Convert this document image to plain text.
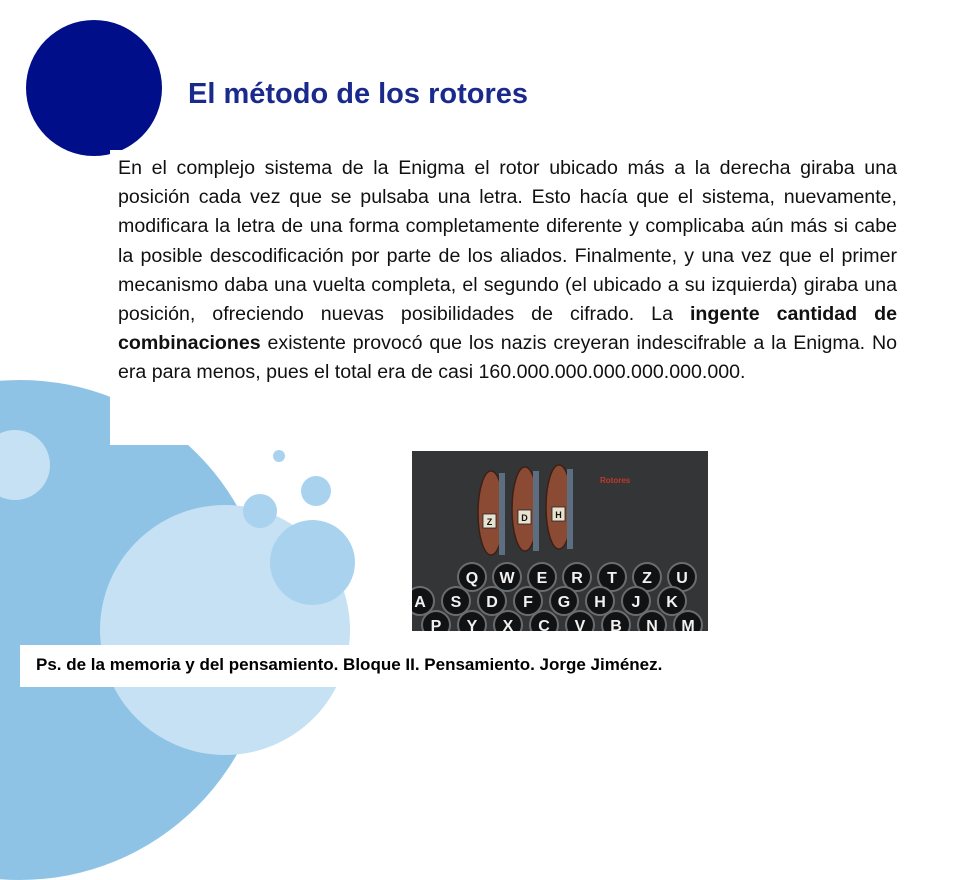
El método de los rotores

En el complejo sistema de la Enigma el rotor ubicado más a la derecha giraba una posición cada vez que se pulsaba una letra. Esto hacía que el sistema, nuevamente, modificara la letra de una forma completamente diferente y complicaba aún más si cabe la posible descodificación por parte de los aliados. Finalmente, y una vez que el primer mecanismo daba una vuelta completa, el segundo (el ubicado a su izquierda) giraba una posición, ofreciendo nuevas posibilidades de cifrado. La ingente cantidad de combinaciones existente provocó que los nazis creyeran indescifrable a la Enigma. No era para menos, pues el total era de casi 160.000.000.000.000.000.000.

Rotores
Z	D	H
Q W E R T Z U
A S D F G H J K
P Y X C V B N M
Ps. de la memoria y del pensamiento. Bloque II. Pensamiento. Jorge Jiménez.
